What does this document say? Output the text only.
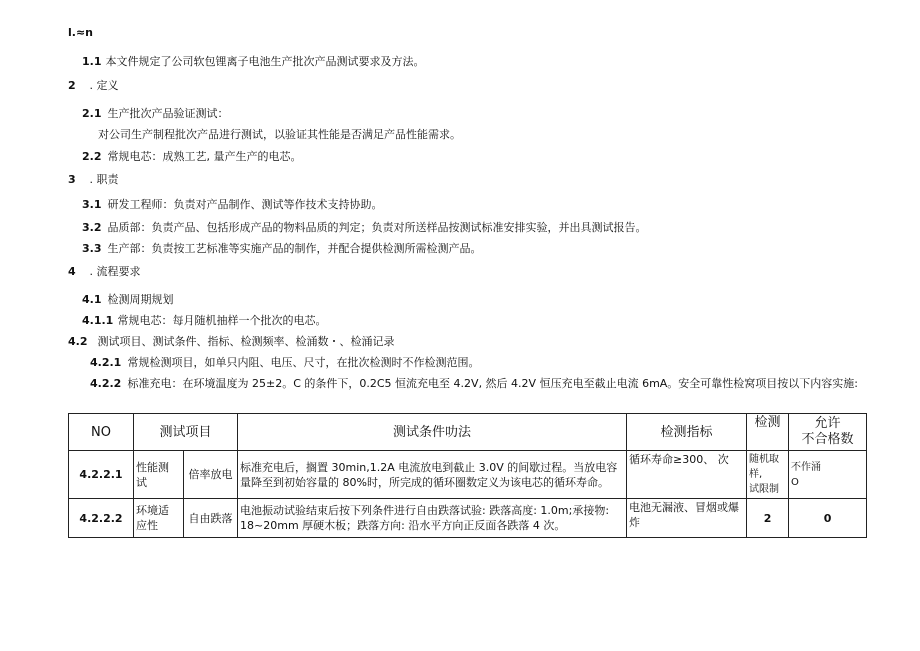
l.≈n
1.1 本文件规定了公司软包锂离子电池生产批次产品测试要求及方法。
2 . 定义
2.1 生产批次产品验证测试：
对公司生产制程批次产品进行测试，以验证其性能是否满足产品性能需求。
2.2 常规电芯：成熟工艺, 量产生产的电芯。
3 . 职责
3.1 研发工程师：负责对产品制作、测试等作技术支持协助。
3.2 品质部：负责产品、包括形成产品的物料品质的判定；负责对所送样品按测试标准安排实验，并出具测试报告。
3.3 生产部：负责按工艺标准等实施产品的制作，并配合提供检测所需检测产品。
4 . 流程要求
4.1 检测周期规划
4.1.1 常规电芯：每月随机抽样一个批次的电芯。
4.2 测试项目、测试条件、指标、检测频率、检涌数・、检涌记录
4.2.1 常规检测项目，如单只内阻、电压、尺寸，在批次检测时不作检测范围。
4.2.2 标准充电：在环境温度为 25±2。C 的条件下，0.2C5 恒流充电至 4.2V, 然后 4.2V 恒压充电至截止电流 6mA。安全可靠性检窝项目按以下内容实施:
NO	测试项目		测试条件叻法	检测指标	检测	允许
不合格数
4.2.2.1	性能测
试	倍率放电	标准充电后，搁置 30min,1.2A 电流放电到截止 3.0V 的间歇过程。当放电容量降至到初始容量的 80%时，所完成的循环圈数定义为该电芯的循环寿命。	循环寿命≥300、 次	随机取样,
试限制	不作涌
O
4.2.2.2	环境适
应性	自由跌落	电池振动试验结束后按下列条件进行自由跌落试验: 跌落高度: 1.0m;承接物: 18~20mm 厚硬木板；跌落方向: 沿水平方向正反面各跌落 4 次。	电池无漏液、冒烟或爆
炸	2	0
